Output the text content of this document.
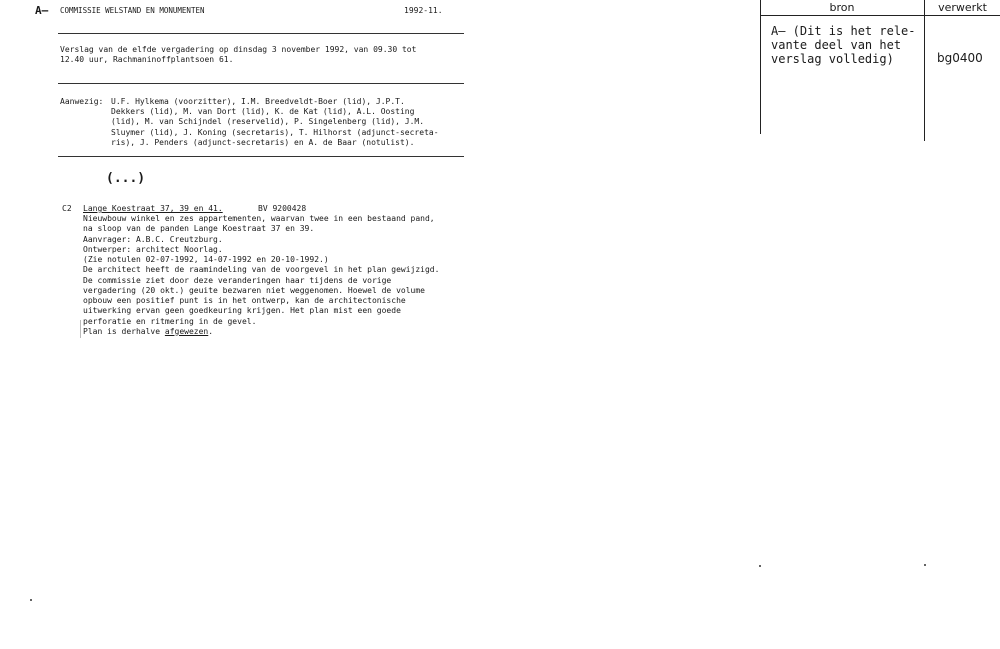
A– COMMISSIE WELSTAND EN MONUMENTEN	1992-11.
Verslag van de elfde vergadering op dinsdag 3 november 1992, van 09.30 tot
12.40 uur, Rachmaninoffplantsoen 61.
Aanwezig: U.F. Hylkema (voorzitter), I.M. Breedveldt-Boer (lid), J.P.T.
Dekkers (lid), M. van Dort (lid), K. de Kat (lid), A.L. Oosting
(lid), M. van Schijndel (reservelid), P. Singelenberg (lid), J.M.
Sluymer (lid), J. Koning (secretaris), T. Hilhorst (adjunct-secreta-
ris), J. Penders (adjunct-secretaris) en A. de Baar (notulist).
(...)
C2 Lange Koestraat 37, 39 en 41.	BV 9200428
Nieuwbouw winkel en zes appartementen, waarvan twee in een bestaand pand,
na sloop van de panden Lange Koestraat 37 en 39.
Aanvrager: A.B.C. Creutzburg.
Ontwerper: architect Noorlag.
(Zie notulen 02-07-1992, 14-07-1992 en 20-10-1992.)
De architect heeft de raamindeling van de voorgevel in het plan gewijzigd.
De commissie ziet door deze veranderingen haar tijdens de vorige
vergadering (20 okt.) geuite bezwaren niet weggenomen. Hoewel de volume
opbouw een positief punt is in het ontwerp, kan de architectonische
uitwerking ervan geen goedkeuring krijgen. Het plan mist een goede
perforatie en ritmering in de gevel.
Plan is derhalve afgewezen.
bron	verwerkt
A– (Dit is het rele-
vante deel van het
verslag volledig)	bg0400
